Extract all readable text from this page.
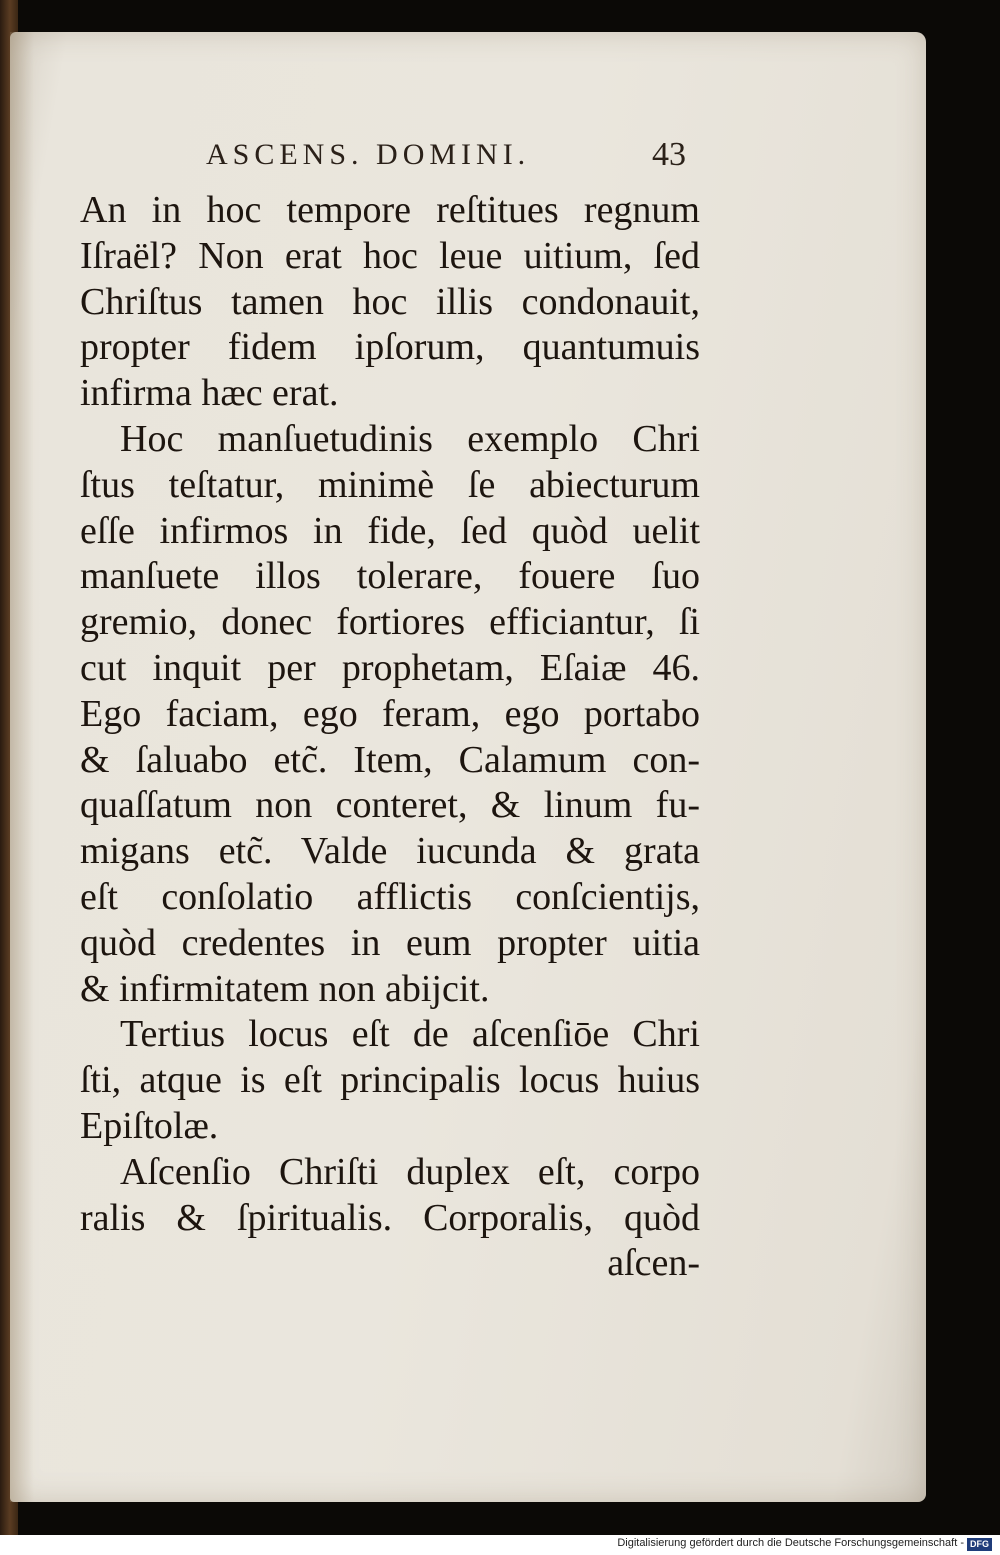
ASCENS. DOMINI.	43
An in hoc tempore reſtitues regnum
Iſraël? Non erat hoc leue uitium, ſed
Chriſtus tamen hoc illis condonauit,
propter fidem ipſorum, quantumuis
infirma hæc erat.
Hoc manſuetudinis exemplo Chri
ſtus teſtatur, minimè ſe abiecturum
eſſe infirmos in fide, ſed quòd uelit
manſuete illos tolerare, fouere ſuo
gremio, donec fortiores efficiantur, ſi
cut inquit per prophetam, Eſaiæ 46.
Ego faciam, ego feram, ego portabo
& ſaluabo etc̃. Item, Calamum con-
quaſſatum non conteret, & linum fu-
migans etc̃. Valde iucunda & grata
eſt conſolatio afflictis conſcientijs,
quòd credentes in eum propter uitia
& infirmitatem non abijcit.
Tertius locus eſt de aſcenſiōe Chri
ſti, atque is eſt principalis locus huius
Epiſtolæ.
Aſcenſio Chriſti duplex eſt, corpo
ralis & ſpiritualis. Corporalis, quòd
aſcen-
Digitalisierung gefördert durch die Deutsche Forschungsgemeinschaft - DFG
